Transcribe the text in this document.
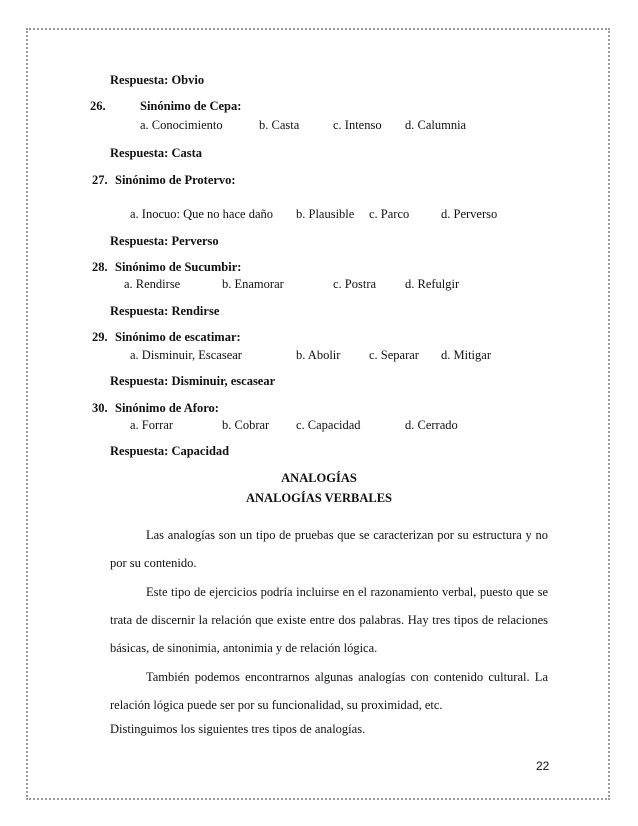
Respuesta: Obvio
26.	Sinónimo de Cepa:
a. Conocimiento	b. Casta	c. Intenso d. Calumnia
Respuesta: Casta
27. Sinónimo de Protervo:
a. Inocuo: Que no hace daño b. Plausible c. Parco	d. Perverso
Respuesta: Perverso
28. Sinónimo de Sucumbir:
a. Rendirse	b. Enamorar	c. Postra d. Refulgir
Respuesta: Rendirse
29. Sinónimo de escatimar:
a. Disminuir, Escasear	b. Abolir c. Separar d. Mitigar
Respuesta: Disminuir, escasear
30. Sinónimo de Aforo:
a. Forrar	b. Cobrar c. Capacidad	d. Cerrado
Respuesta: Capacidad
ANALOGÍAS
ANALOGÍAS VERBALES
Las analogías son un tipo de pruebas que se caracterizan por su estructura y no por su contenido.
Este tipo de ejercicios podría incluirse en el razonamiento verbal, puesto que se trata de discernir la relación que existe entre dos palabras. Hay tres tipos de relaciones básicas, de sinonimia, antonimia y de relación lógica.
También podemos encontrarnos algunas analogías con contenido cultural. La relación lógica puede ser por su funcionalidad, su proximidad, etc.
Distinguimos los siguientes tres tipos de analogías.
22
